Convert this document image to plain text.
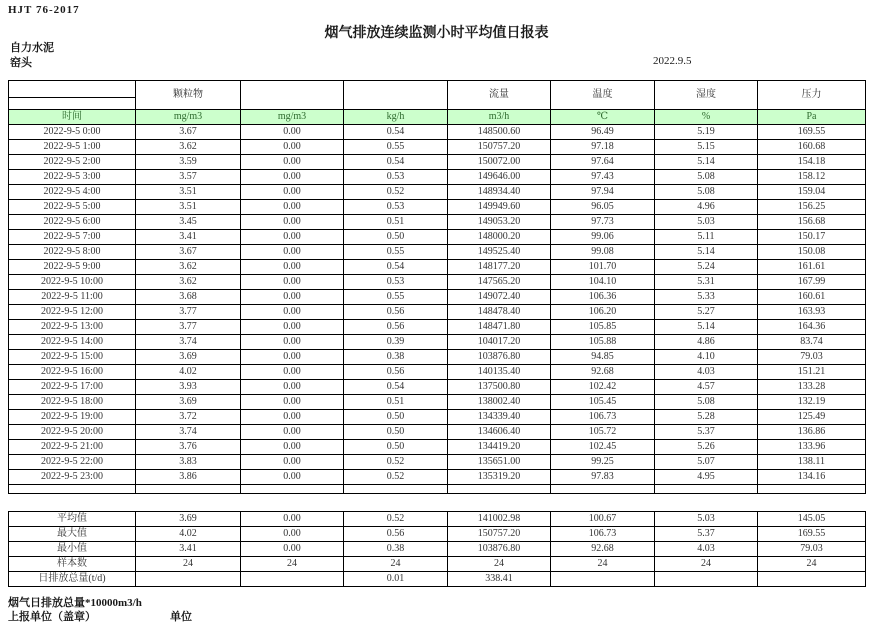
HJT 76-2017
烟气排放连续监测小时平均值日报表
自力水泥
窑头	2022.9.5
	颗粒物			流量	温度	湿度	压力

时间	mg/m3	mg/m3	kg/h	m3/h	℃	%	Pa
2022-9-5 0:00	3.67	0.00	0.54	148500.60	96.49	5.19	169.55
2022-9-5 1:00	3.62	0.00	0.55	150757.20	97.18	5.15	160.68
2022-9-5 2:00	3.59	0.00	0.54	150072.00	97.64	5.14	154.18
2022-9-5 3:00	3.57	0.00	0.53	149646.00	97.43	5.08	158.12
2022-9-5 4:00	3.51	0.00	0.52	148934.40	97.94	5.08	159.04
2022-9-5 5:00	3.51	0.00	0.53	149949.60	96.05	4.96	156.25
2022-9-5 6:00	3.45	0.00	0.51	149053.20	97.73	5.03	156.68
2022-9-5 7:00	3.41	0.00	0.50	148000.20	99.06	5.11	150.17
2022-9-5 8:00	3.67	0.00	0.55	149525.40	99.08	5.14	150.08
2022-9-5 9:00	3.62	0.00	0.54	148177.20	101.70	5.24	161.61
2022-9-5 10:00	3.62	0.00	0.53	147565.20	104.10	5.31	167.99
2022-9-5 11:00	3.68	0.00	0.55	149072.40	106.36	5.33	160.61
2022-9-5 12:00	3.77	0.00	0.56	148478.40	106.20	5.27	163.93
2022-9-5 13:00	3.77	0.00	0.56	148471.80	105.85	5.14	164.36
2022-9-5 14:00	3.74	0.00	0.39	104017.20	105.88	4.86	83.74
2022-9-5 15:00	3.69	0.00	0.38	103876.80	94.85	4.10	79.03
2022-9-5 16:00	4.02	0.00	0.56	140135.40	92.68	4.03	151.21
2022-9-5 17:00	3.93	0.00	0.54	137500.80	102.42	4.57	133.28
2022-9-5 18:00	3.69	0.00	0.51	138002.40	105.45	5.08	132.19
2022-9-5 19:00	3.72	0.00	0.50	134339.40	106.73	5.28	125.49
2022-9-5 20:00	3.74	0.00	0.50	134606.40	105.72	5.37	136.86
2022-9-5 21:00	3.76	0.00	0.50	134419.20	102.45	5.26	133.96
2022-9-5 22:00	3.83	0.00	0.52	135651.00	99.25	5.07	138.11
2022-9-5 23:00	3.86	0.00	0.52	135319.20	97.83	4.95	134.16

平均值	3.69	0.00	0.52	141002.98	100.67	5.03	145.05
最大值	4.02	0.00	0.56	150757.20	106.73	5.37	169.55
最小值	3.41	0.00	0.38	103876.80	92.68	4.03	79.03
样本数	24	24	24	24	24	24	24
日排放总量(t/d)			0.01	338.41			
烟气日排放总量*10000m3/h
上报单位（盖章）	单位
